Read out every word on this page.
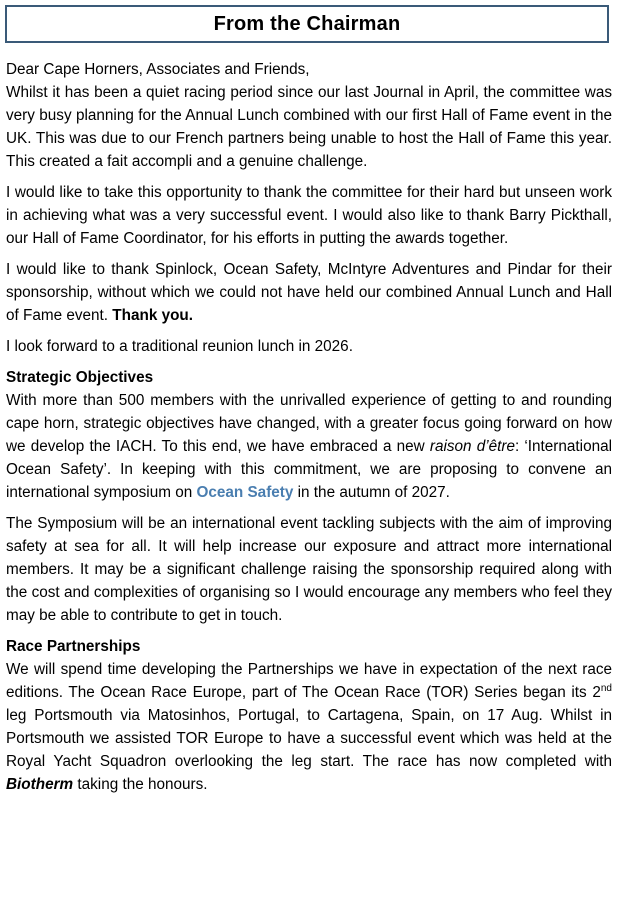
From the Chairman

Dear Cape Horners, Associates and Friends,

Whilst it has been a quiet racing period since our last Journal in April, the committee was very busy planning for the Annual Lunch combined with our first Hall of Fame event in the UK. This was due to our French partners being unable to host the Hall of Fame this year. This created a fait accompli and a genuine challenge.

I would like to take this opportunity to thank the committee for their hard but unseen work in achieving what was a very successful event. I would also like to thank Barry Pickthall, our Hall of Fame Coordinator, for his efforts in putting the awards together.

I would like to thank Spinlock, Ocean Safety, McIntyre Adventures and Pindar for their sponsorship, without which we could not have held our combined Annual Lunch and Hall of Fame event. Thank you.

I look forward to a traditional reunion lunch in 2026.

Strategic Objectives

With more than 500 members with the unrivalled experience of getting to and rounding cape horn, strategic objectives have changed, with a greater focus going forward on how we develop the IACH. To this end, we have embraced a new raison d’être: ‘International Ocean Safety’. In keeping with this commitment, we are proposing to convene an international symposium on Ocean Safety in the autumn of 2027.

The Symposium will be an international event tackling subjects with the aim of improving safety at sea for all. It will help increase our exposure and attract more international members. It may be a significant challenge raising the sponsorship required along with the cost and complexities of organising so I would encourage any members who feel they may be able to contribute to get in touch.

Race Partnerships

We will spend time developing the Partnerships we have in expectation of the next race editions. The Ocean Race Europe, part of The Ocean Race (TOR) Series began its 2nd leg Portsmouth via Matosinhos, Portugal, to Cartagena, Spain, on 17 Aug. Whilst in Portsmouth we assisted TOR Europe to have a successful event which was held at the Royal Yacht Squadron overlooking the leg start. The race has now completed with Biotherm taking the honours.
